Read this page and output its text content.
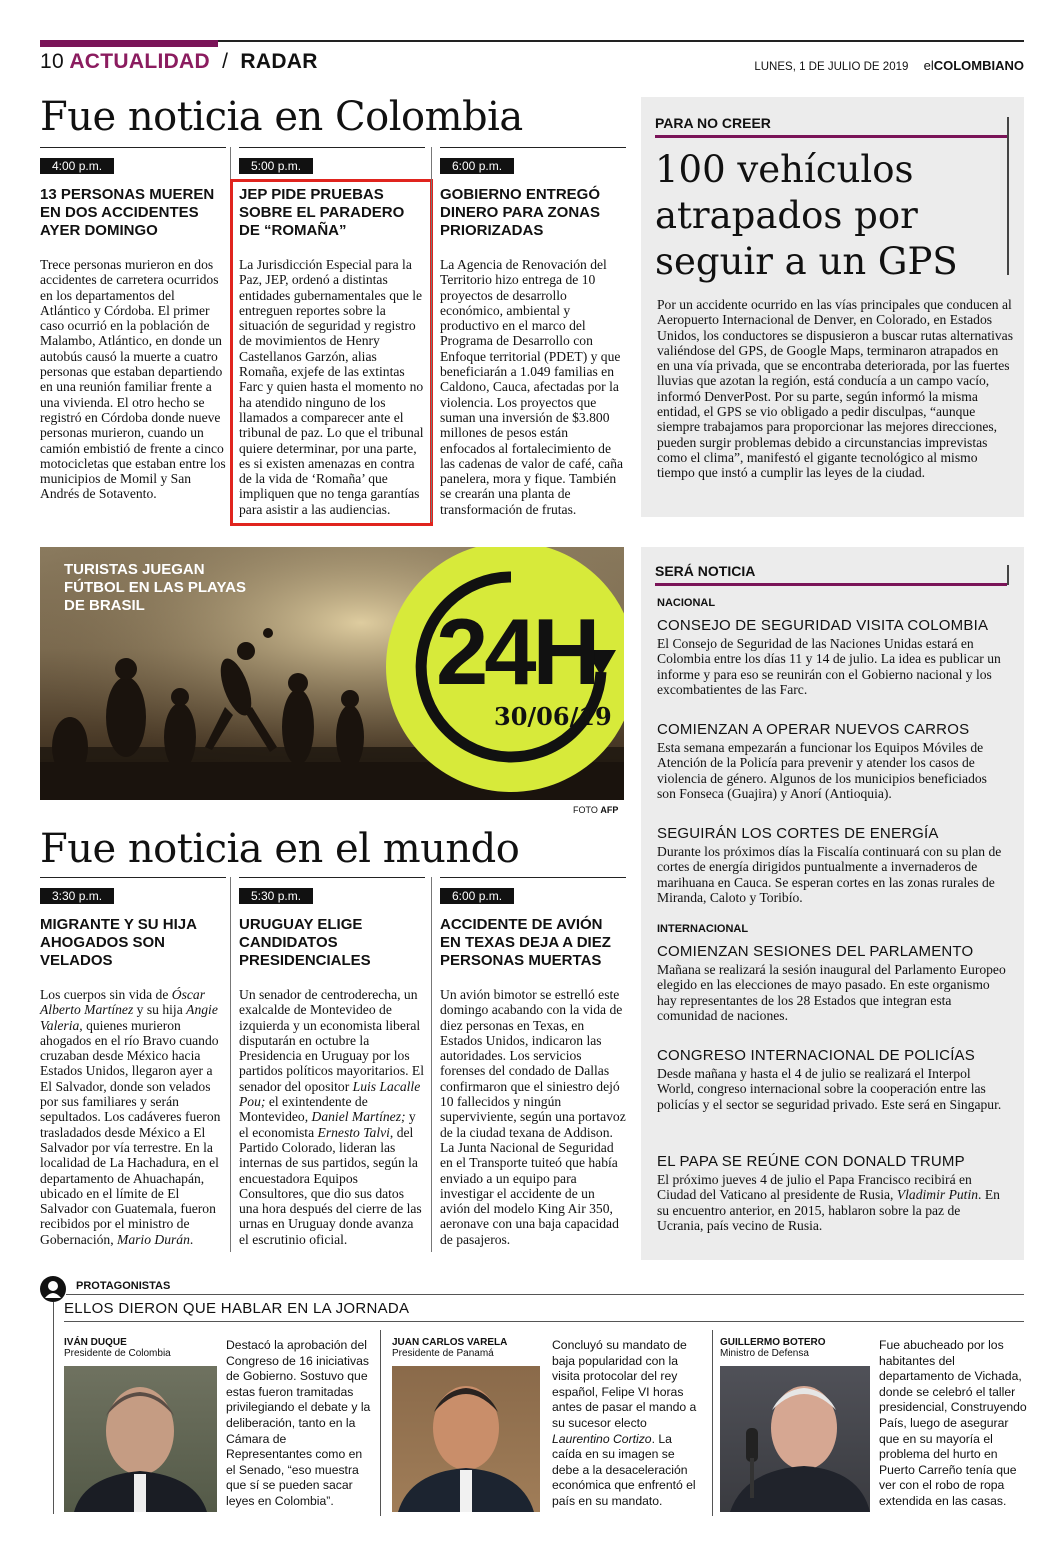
10 ACTUALIDAD / RADAR	LUNES, 1 DE JULIO DE 2019 elCOLOMBIANO
Fue noticia en Colombia
4:00 p.m.
13 PERSONAS MUEREN EN DOS ACCIDENTES AYER DOMINGO
Trece personas murieron en dos accidentes de carretera ocurridos en los departamentos del Atlántico y Córdoba. El primer caso ocurrió en la población de Malambo, Atlántico, en donde un autobús causó la muerte a cuatro personas que estaban departiendo en una reunión familiar frente a una vivienda. El otro hecho se registró en Córdoba donde nueve personas murieron, cuando un camión embistió de frente a cinco motocicletas que estaban entre los municipios de Momil y San Andrés de Sotavento.
5:00 p.m.
JEP PIDE PRUEBAS SOBRE EL PARADERO DE “ROMAÑA”
La Jurisdicción Especial para la Paz, JEP, ordenó a distintas entidades gubernamentales que le entreguen reportes sobre la situación de seguridad y registro de movimientos de Henry Castellanos Garzón, alias Romaña, exjefe de las extintas Farc y quien hasta el momento no ha atendido ninguno de los llamados a comparecer ante el tribunal de paz. Lo que el tribunal quiere determinar, por una parte, es si existen amenazas en contra de la vida de ‘Romaña’ que impliquen que no tenga garantías para asistir a las audiencias.
6:00 p.m.
GOBIERNO ENTREGÓ DINERO PARA ZONAS PRIORIZADAS
La Agencia de Renovación del Territorio hizo entrega de 10 proyectos de desarrollo económico, ambiental y productivo en el marco del Programa de Desarrollo con Enfoque territorial (PDET) y que beneficiarán a 1.049 familias en Caldono, Cauca, afectadas por la violencia. Los proyectos que suman una inversión de $3.800 millones de pesos están enfocados al fortalecimiento de las cadenas de valor de café, caña panelera, mora y fique. También se crearán una planta de transformación de frutas.
PARA NO CREER
100 vehículos atrapados por seguir a un GPS
Por un accidente ocurrido en las vías principales que conducen al Aeropuerto Internacional de Denver, en Colorado, en Estados Unidos, los conductores se dispusieron a buscar rutas alternativas valiéndose del GPS, de Google Maps, terminaron atrapados en en una vía privada, que se encontraba deteriorada, por las fuertes lluvias que azotan la región, está conducía a un campo vacío, informó DenverPost. Por su parte, según informó la misma entidad, el GPS se vio obligado a pedir disculpas, “aunque siempre trabajamos para proporcionar las mejores direcciones, pueden surgir problemas debido a circunstancias imprevistas como el clima”, manifestó el gigante tecnológico al mismo tiempo que instó a cumplir las leyes de la ciudad.
TURISTAS JUEGAN FÚTBOL EN LAS PLAYAS DE BRASIL	24H
30/06/19
FOTO AFP
Fue noticia en el mundo
3:30 p.m.
MIGRANTE Y SU HIJA AHOGADOS SON VELADOS
Los cuerpos sin vida de Óscar Alberto Martínez y su hija Angie Valeria, quienes murieron ahogados en el río Bravo cuando cruzaban desde México hacia Estados Unidos, llegaron ayer a El Salvador, donde son velados por sus familiares y serán sepultados. Los cadáveres fueron trasladados desde México a El Salvador por vía terrestre. En la localidad de La Hachadura, en el departamento de Ahuachapán, ubicado en el límite de El Salvador con Guatemala, fueron recibidos por el ministro de Gobernación, Mario Durán.
5:30 p.m.
URUGUAY ELIGE CANDIDATOS PRESIDENCIALES
Un senador de centroderecha, un exalcalde de Montevideo de izquierda y un economista liberal disputarán en octubre la Presidencia en Uruguay por los partidos políticos mayoritarios. El senador del opositor Luis Lacalle Pou; el exintendente de Montevideo, Daniel Martínez; y el economista Ernesto Talvi, del Partido Colorado, lideran las internas de sus partidos, según la encuestadora Equipos Consultores, que dio sus datos una hora después del cierre de las urnas en Uruguay donde avanza el escrutinio oficial.
6:00 p.m.
ACCIDENTE DE AVIÓN EN TEXAS DEJA A DIEZ PERSONAS MUERTAS
Un avión bimotor se estrelló este domingo acabando con la vida de diez personas en Texas, en Estados Unidos, indicaron las autoridades. Los servicios forenses del condado de Dallas confirmaron que el siniestro dejó 10 fallecidos y ningún superviviente, según una portavoz de la ciudad texana de Addison. La Junta Nacional de Seguridad en el Transporte tuiteó que había enviado a un equipo para investigar el accidente de un avión del modelo King Air 350, aeronave con una baja capacidad de pasajeros.
SERÁ NOTICIA
NACIONAL
CONSEJO DE SEGURIDAD VISITA COLOMBIA
El Consejo de Seguridad de las Naciones Unidas estará en Colombia entre los días 11 y 14 de julio. La idea es publicar un informe y para eso se reunirán con el Gobierno nacional y los excombatientes de las Farc.
COMIENZAN A OPERAR NUEVOS CARROS
Esta semana empezarán a funcionar los Equipos Móviles de Atención de la Policía para prevenir y atender los casos de violencia de género. Algunos de los municipios beneficiados son Fonseca (Guajira) y Anorí (Antioquia).
SEGUIRÁN LOS CORTES DE ENERGÍA
Durante los próximos días la Fiscalía continuará con su plan de cortes de energía dirigidos puntualmente a invernaderos de marihuana en Cauca. Se esperan cortes en las zonas rurales de Miranda, Caloto y Toribío.
INTERNACIONAL
COMIENZAN SESIONES DEL PARLAMENTO
Mañana se realizará la sesión inaugural del Parlamento Europeo elegido en las elecciones de mayo pasado. En este organismo hay representantes de los 28 Estados que integran esta comunidad de naciones.
CONGRESO INTERNACIONAL DE POLICÍAS
Desde mañana y hasta el 4 de julio se realizará el Interpol World, congreso internacional sobre la cooperación entre las policías y el sector se seguridad privado. Este será en Singapur.
EL PAPA SE REÚNE CON DONALD TRUMP
El próximo jueves 4 de julio el Papa Francisco recibirá en Ciudad del Vaticano al presidente de Rusia, Vladimir Putin. En su encuentro anterior, en 2015, hablaron sobre la paz de Ucrania, país vecino de Rusia.
PROTAGONISTAS
ELLOS DIERON QUE HABLAR EN LA JORNADA
IVÁN DUQUE
Presidente de Colombia
Destacó la aprobación del Congreso de 16 iniciativas de Gobierno. Sostuvo que estas fueron tramitadas privilegiando el debate y la deliberación, tanto en la Cámara de Representantes como en el Senado, “eso muestra que sí se pueden sacar leyes en Colombia”.
JUAN CARLOS VARELA
Presidente de Panamá
Concluyó su mandato de baja popularidad con la visita protocolar del rey español, Felipe VI horas antes de pasar el mando a su sucesor electo Laurentino Cortizo. La caída en su imagen se debe a la desaceleración económica que enfrentó el país en su mandato.
GUILLERMO BOTERO
Ministro de Defensa
Fue abucheado por los habitantes del departamento de Vichada, donde se celebró el taller presidencial, Construyendo País, luego de asegurar que en su mayoría el problema del hurto en Puerto Carreño tenía que ver con el robo de ropa extendida en las casas.
